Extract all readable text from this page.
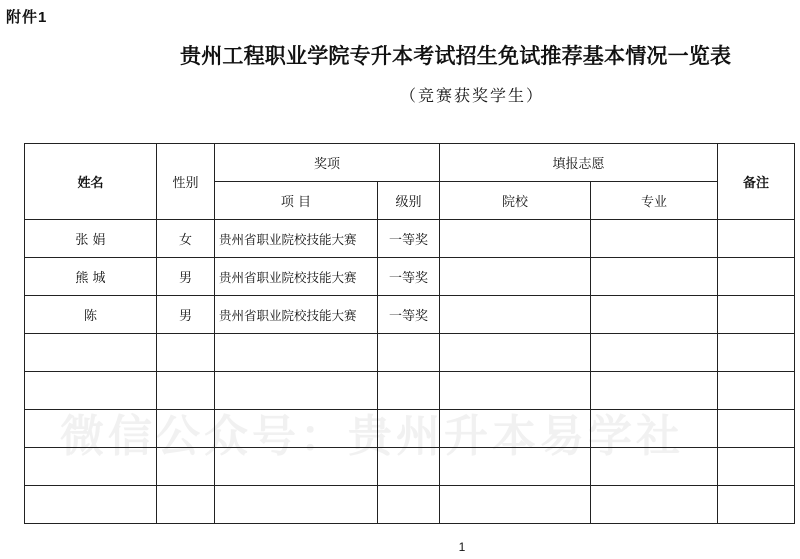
附件1
贵州工程职业学院专升本考试招生免试推荐基本情况一览表
（竞赛获奖学生）
微信公众号：贵州升本易学社
姓名	性别	奖项		填报志愿		备注
		项 目	级别	院校	专业	
张 娟	女	贵州省职业院校技能大赛	一等奖			
熊 城	男	贵州省职业院校技能大赛	一等奖			
陈	男	贵州省职业院校技能大赛	一等奖			

1
